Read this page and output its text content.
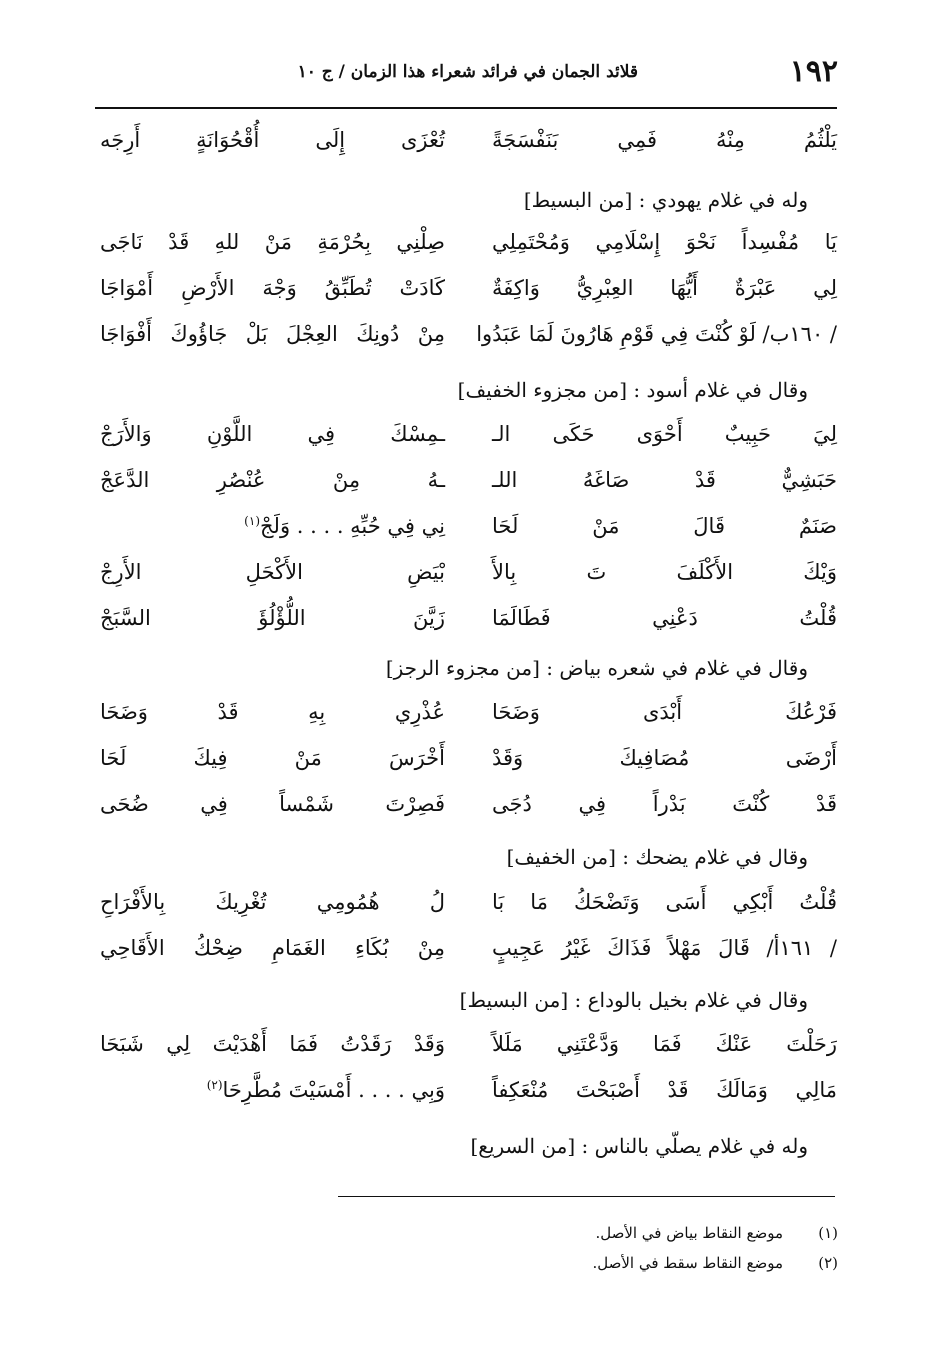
١٩٢
قلائد الجمان في فرائد شعراء هذا الزمان / ج ١٠
يَلْثُمُ مِنْهُ فَمِي بَنَفْسَجَةً
تُعْزَى إِلَى أُقْحُوَانَةٍ أَرِجَه
وله في غلام يهودي : [من البسيط]
يَا مُفْسِداً نَحْوَ إِسْلَامِي وَمُحْتَمِلِي
صِلْنِي بِحُرْمَةِ مَنْ للهِ قَدْ نَاجَى
لِي عَبْرَةٌ أَيُّهَا العِبْرِيُّ وَاكِفَةٌ
كَادَتْ تُطَبِّقُ وَجْهَ الأَرْضِ أَمْوَاجَا
/ ١٦٠ب/ لَوْ كُنْتَ فِي قَوْمِ هَارُونَ لَمَا عَبَدُوا
مِنْ دُونِكَ العِجْلَ بَلْ جَاؤُوكَ أَفْوَاجَا
وقال في غلام أسود : [من مجزوء الخفيف]
لِيَ حَبِيبٌ أَحْوَى حَكَى الـ
ـمِسْكَ فِي اللَّوْنِ وَالأَرَجْ
حَبَشِيٌّ قَدْ صَاغَهُ اللـ
ـهُ مِنْ عُنْصُرِ الدَّعَجْ
صَنَمٌ قَالَ مَنْ لَحَا
نِي فِي حُبِّهِ . . . . وَلَجْ$^{(١)}$
وَيْكَ الأَكْلَفَ تَ بِالأَ
بْيَضِ الأَكْحَلِ الأَرِجْ
قُلْتُ دَعْنِي فَطَالَمَا
زَيَّنَ اللُّؤْلُؤَ السَّبَجْ
وقال في غلام في شعره بياض : [من مجزوء الرجز]
فَرْعُكَ أَبْدَى وَضَحَا
عُذْرِي بِهِ قَدْ وَضَحَا
أَرْضَى مُصَافِيكَ وَقَدْ
أَخْرَسَ مَنْ فِيكَ لَحَا
قَدْ كُنْتَ بَدْراً فِي دُجَى
فَصِرْتَ شَمْساً فِي ضُحَى
وقال في غلام يضحك : [من الخفيف]
قُلْتُ أَبْكِي أَسَى وَتَضْحَكُ مَا بَا
لُ هُمُومِي تُغْرِيكَ بِالأَفْرَاحِ
/ ١٦١أ/ قَالَ مَهْلاً فَذَاكَ غَيْرُ عَجِيبٍ
مِنْ بُكَاءِ الغَمَامِ ضِحْكُ الأَقَاحِي
وقال في غلام بخيل بالوداع : [من البسيط]
رَحَلْتَ عَنْكَ فَمَا وَدَّعْتَنِي مَلَلاً
وَقَدْ رَقَدْتُ فَمَا أَهْدَيْتَ لِي شَبَحَا
مَالِي وَمَالَكَ قَدْ أَصْبَحْتَ مُنْعَكِفاً
وَبِي . . . . أَمْسَيْتَ مُطَّرِحَا$^{(٢)}$
وله في غلام يصلّي بالناس : [من السريع]
(١)موضع النقاط بياض في الأصل.
(٢)موضع النقاط سقط في الأصل.
